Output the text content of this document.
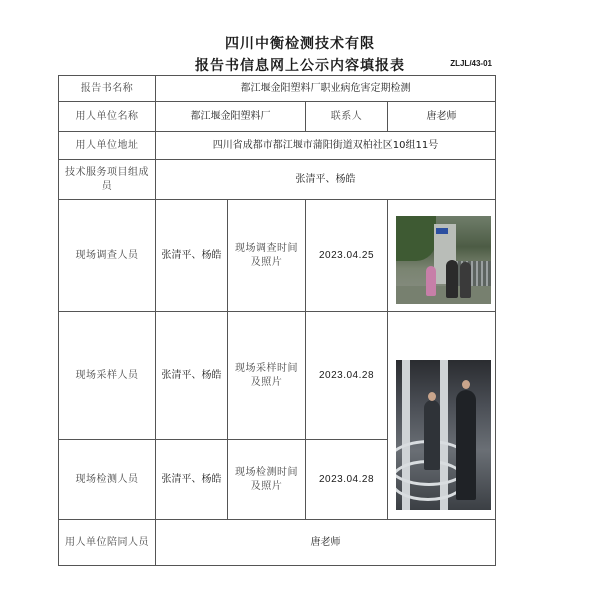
四川中衡检测技术有限
报告书信息网上公示内容填报表	ZLJL/43-01
报告书名称	都江堰金阳塑料厂职业病危害定期检测			
用人单位名称	都江堰金阳塑料厂		联系人	唐老师
用人单位地址	四川省成都市都江堰市蒲阳街道双柏社区10组11号			
技术服务项目组成员	张清平、杨皓			
现场调查人员	张清平、杨皓	现场调查时间及照片	2023.04.25	
现场采样人员	张清平、杨皓	现场采样时间及照片	2023.04.28	
现场检测人员	张清平、杨皓	现场检测时间及照片	2023.04.28	
用人单位陪同人员	唐老师			
